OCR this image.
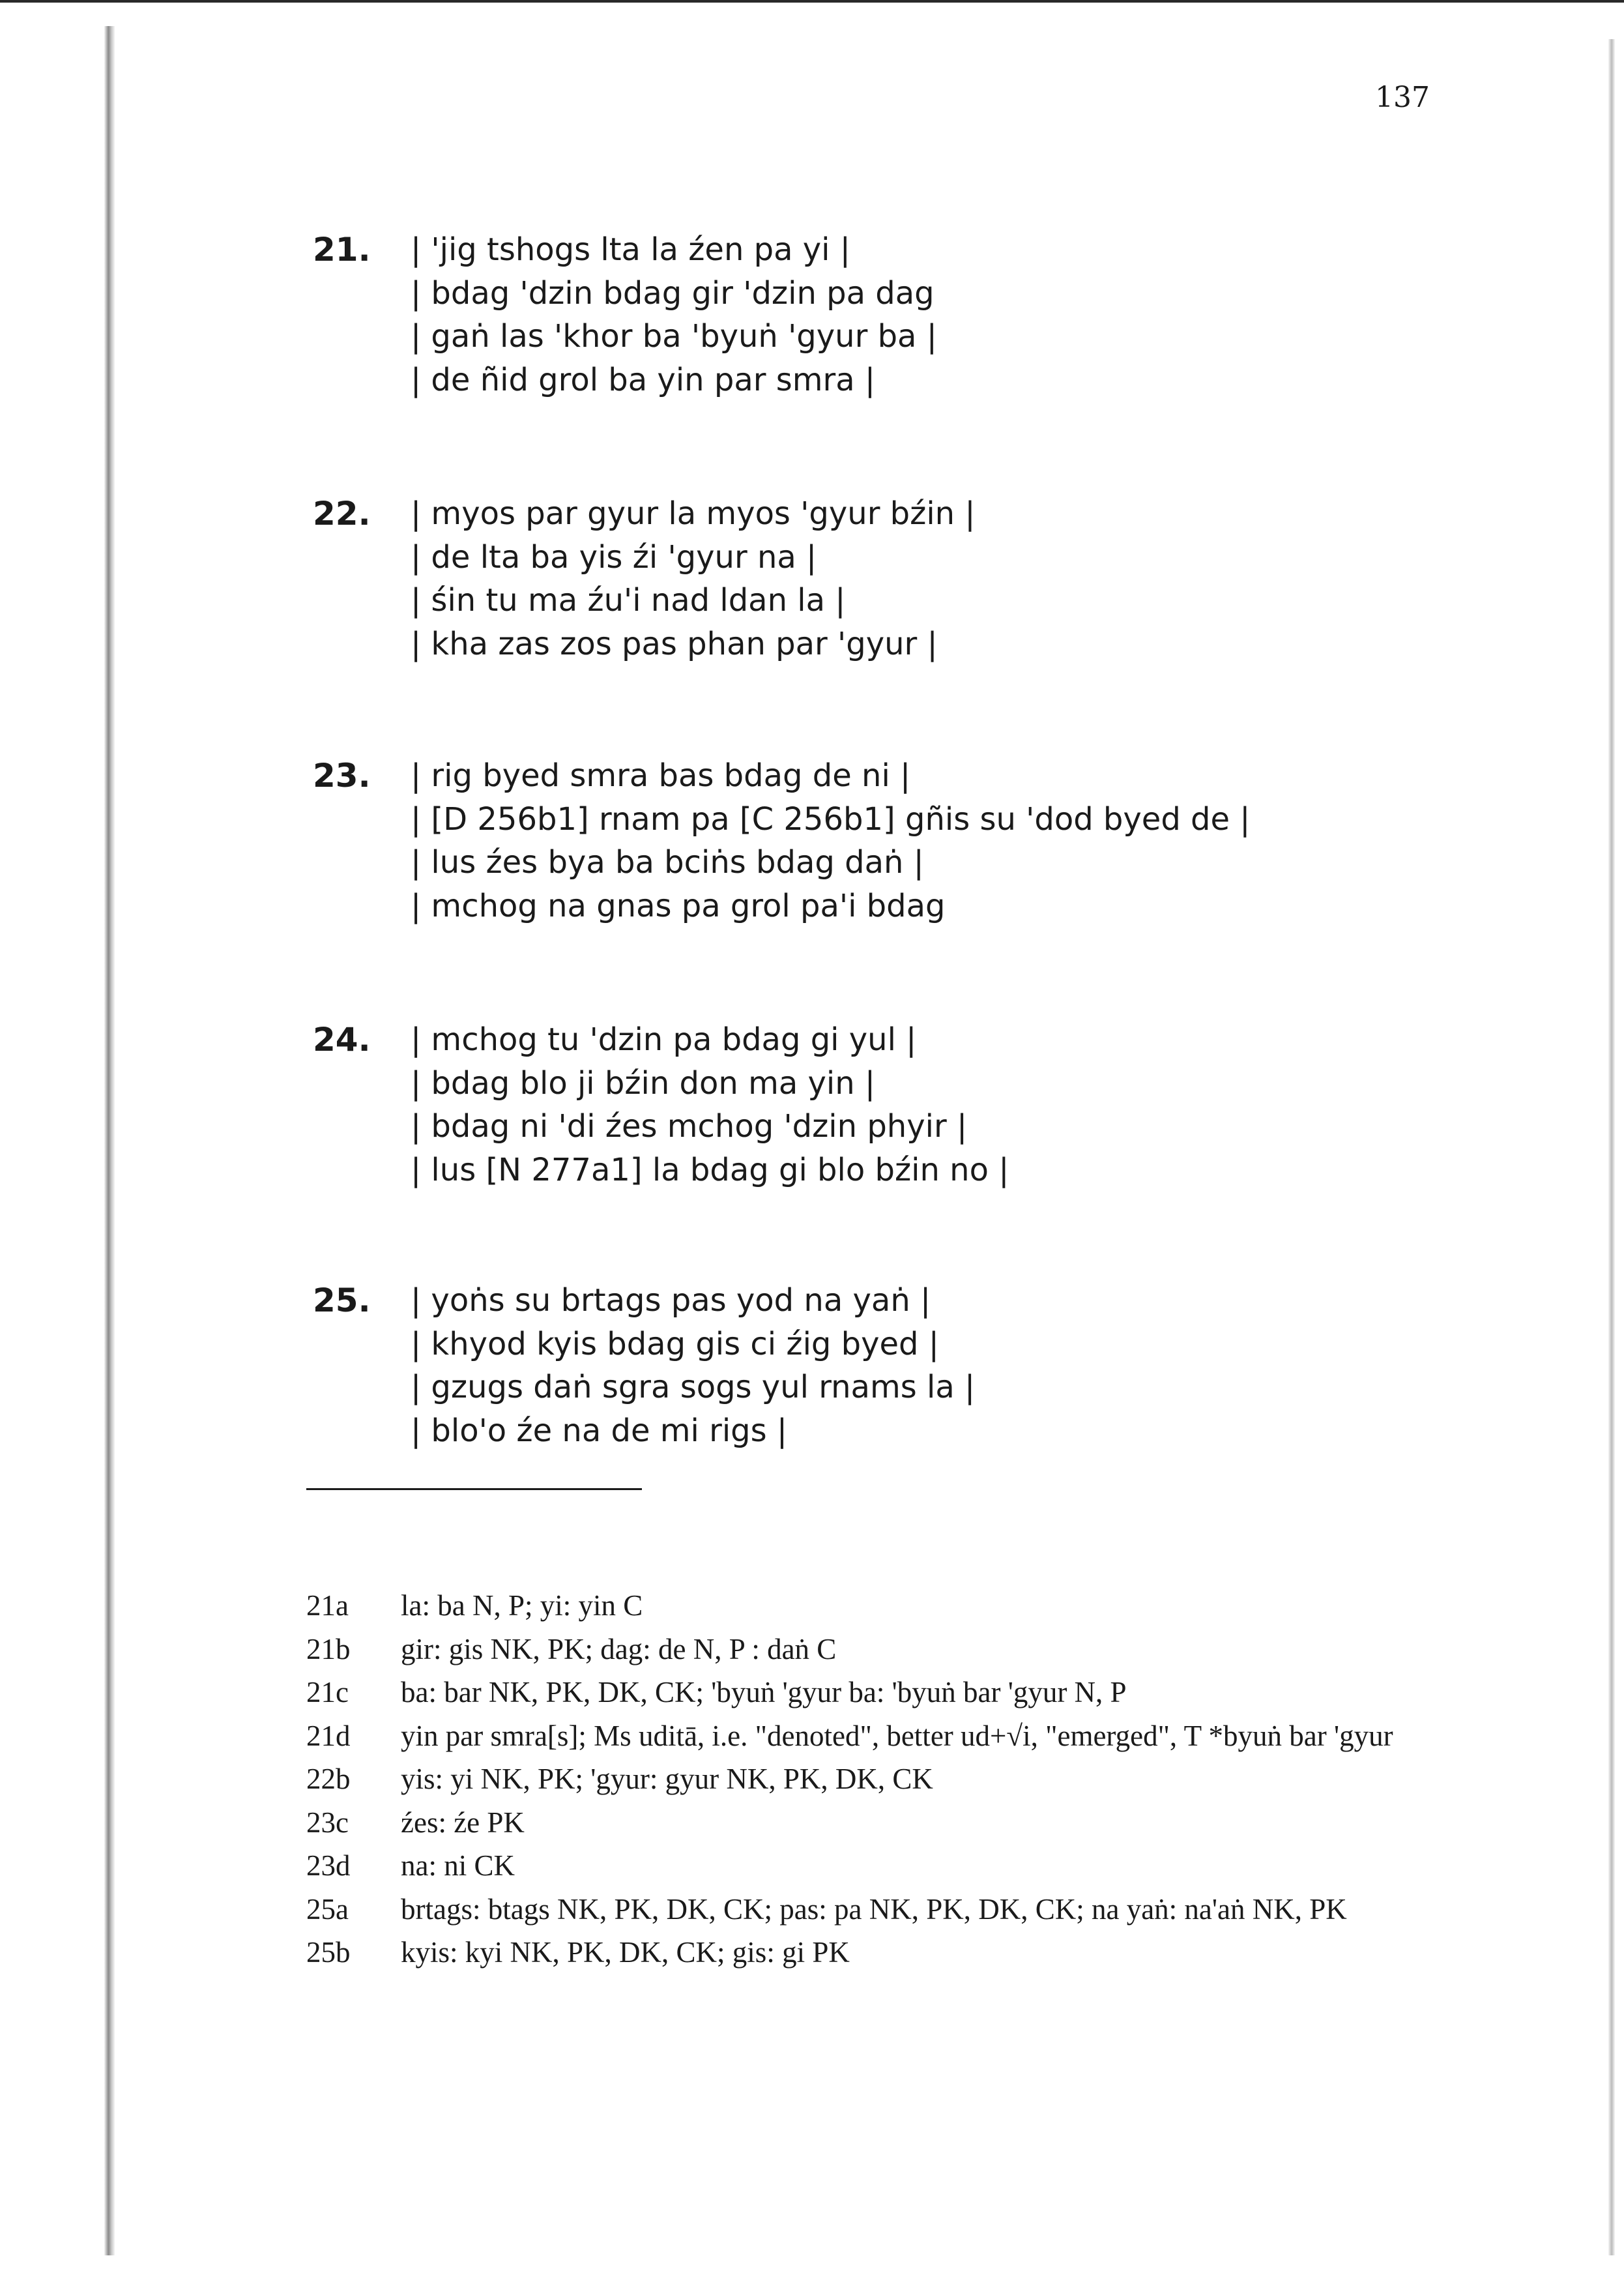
137
21. | 'jig tshogs lta la źen pa yi |
| bdag 'dzin bdag gir 'dzin pa dag
| gaṅ las 'khor ba 'byuṅ 'gyur ba |
| de ñid grol ba yin par smra |
22. | myos par gyur la myos 'gyur bźin |
| de lta ba yis źi 'gyur na |
| śin tu ma źu'i nad ldan la |
| kha zas zos pas phan par 'gyur |
23. | rig byed smra bas bdag de ni |
| [D 256b1] rnam pa [C 256b1] gñis su 'dod byed de |
| lus źes bya ba bciṅs bdag daṅ |
| mchog na gnas pa grol pa'i bdag
24. | mchog tu 'dzin pa bdag gi yul |
| bdag blo ji bźin don ma yin |
| bdag ni 'di źes mchog 'dzin phyir |
| lus [N 277a1] la bdag gi blo bźin no |
25. | yoṅs su brtags pas yod na yaṅ |
| khyod kyis bdag gis ci źig byed |
| gzugs daṅ sgra sogs yul rnams la |
| blo'o źe na de mi rigs |
21a	la: ba N, P; yi: yin C
21b	gir: gis NK, PK; dag: de N, P : daṅ C
21c	ba: bar NK, PK, DK, CK; 'byuṅ 'gyur ba: 'byuṅ bar 'gyur N, P
21d	yin par smra[s]; Ms uditā, i.e. "denoted", better ud+√i, "emerged", T *byuṅ bar 'gyur
22b	yis: yi NK, PK; 'gyur: gyur NK, PK, DK, CK
23c	źes: źe PK
23d	na: ni CK
25a	brtags: btags NK, PK, DK, CK; pas: pa NK, PK, DK, CK; na yaṅ: na'aṅ NK, PK
25b	kyis: kyi NK, PK, DK, CK; gis: gi PK
